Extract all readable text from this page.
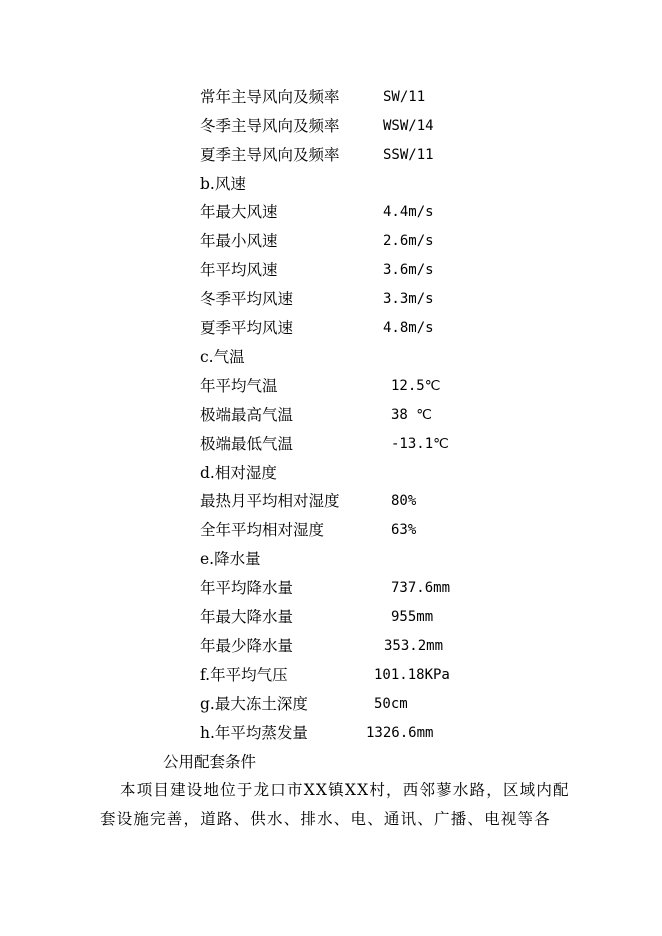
常年主导风向及频率	SW/11
冬季主导风向及频率	WSW/14
夏季主导风向及频率	SSW/11
b.风速
年最大风速	4.4m/s
年最小风速	2.6m/s
年平均风速	3.6m/s
冬季平均风速	3.3m/s
夏季平均风速	4.8m/s
c.气温
年平均气温	12.5℃
极端最高气温	38 ℃
极端最低气温	-13.1℃
d.相对湿度
最热月平均相对湿度	80%
全年平均相对湿度	63%
e.降水量
年平均降水量	737.6mm
年最大降水量	955mm
年最少降水量	353.2mm
f.年平均气压	101.18KPa
g.最大冻土深度	50cm
h.年平均蒸发量	1326.6mm
公用配套条件
本项目建设地位于龙口市XX镇XX村，西邻蓼水路，区域内配套设施完善，道路、供水、排水、电、通讯、广播、电视等各
